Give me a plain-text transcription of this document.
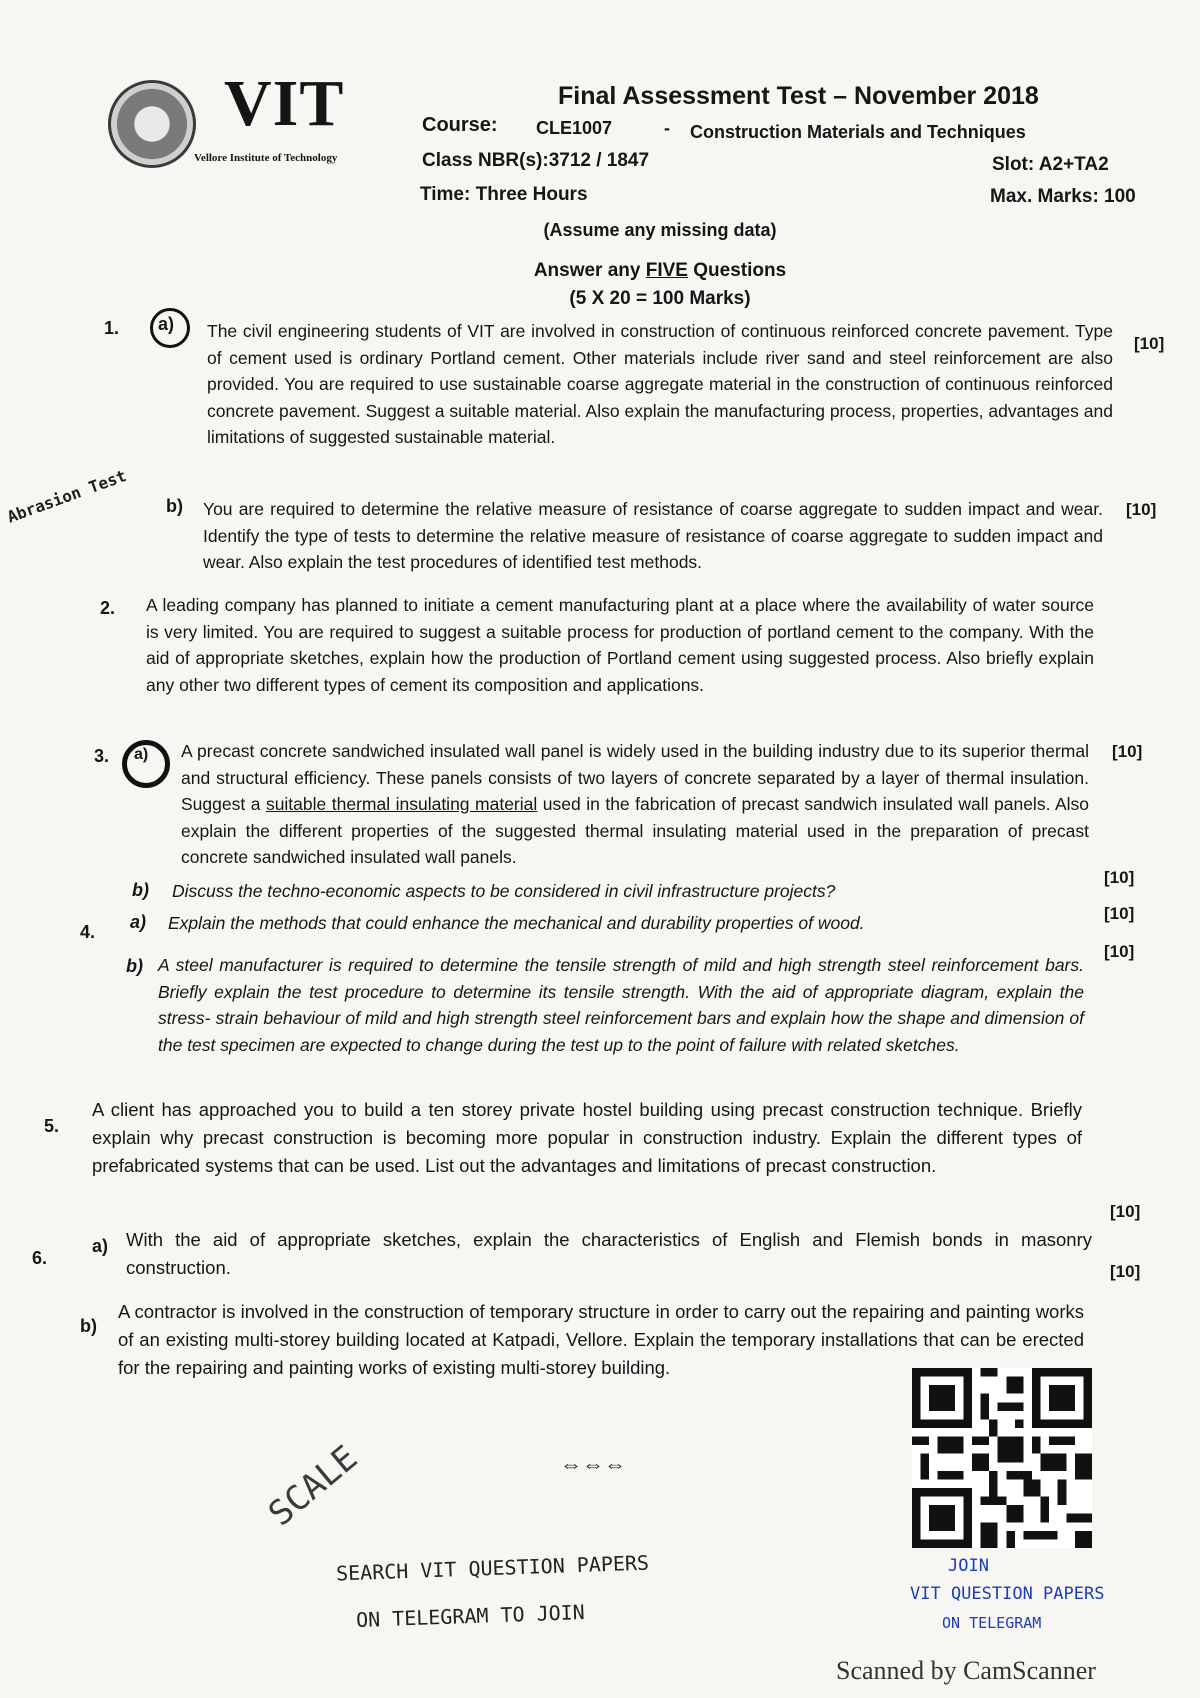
VIT
Vellore Institute of Technology
Final Assessment Test – November 2018
Course: CLE1007	- Construction Materials and Techniques
Class NBR(s):3712 / 1847	Slot: A2+TA2
Time: Three Hours	Max. Marks: 100
(Assume any missing data)
Answer any FIVE Questions
(5 X 20 = 100 Marks)
1. a) The civil engineering students of VIT are involved in construction of continuous reinforced concrete pavement. Type of cement used is ordinary Portland cement. Other materials include river sand and steel reinforcement are also provided. You are required to use sustainable coarse aggregate material in the construction of continuous reinforced concrete pavement. Suggest a suitable material. Also explain the manufacturing process, properties, advantages and limitations of suggested sustainable material.
[10]
b) You are required to determine the relative measure of resistance of coarse aggregate to sudden impact and wear. Identify the type of tests to determine the relative measure of resistance of coarse aggregate to sudden impact and wear. Also explain the test procedures of identified test methods.
[10]
2. A leading company has planned to initiate a cement manufacturing plant at a place where the availability of water source is very limited. You are required to suggest a suitable process for production of portland cement to the company. With the aid of appropriate sketches, explain how the production of Portland cement using suggested process. Also briefly explain any other two different types of cement its composition and applications.
3. a) A precast concrete sandwiched insulated wall panel is widely used in the building industry due to its superior thermal and structural efficiency. These panels consists of two layers of concrete separated by a layer of thermal insulation. Suggest a suitable thermal insulating material used in the fabrication of precast sandwich insulated wall panels. Also explain the different properties of the suggested thermal insulating material used in the preparation of precast concrete sandwiched insulated wall panels.
[10]
b) Discuss the techno-economic aspects to be considered in civil infrastructure projects?
[10]
4. a) Explain the methods that could enhance the mechanical and durability properties of wood.	[10]
b) A steel manufacturer is required to determine the tensile strength of mild and high strength steel reinforcement bars. Briefly explain the test procedure to determine its tensile strength. With the aid of appropriate diagram, explain the stress- strain behaviour of mild and high strength steel reinforcement bars and explain how the shape and dimension of the test specimen are expected to change during the test up to the point of failure with related sketches.
[10]
5.
A client has approached you to build a ten storey private hostel building using precast construction technique. Briefly explain why precast construction is becoming more popular in construction industry. Explain the different types of prefabricated systems that can be used. List out the advantages and limitations of precast construction.
6.
a) With the aid of appropriate sketches, explain the characteristics of English and Flemish bonds in masonry construction.
[10]
b)
A contractor is involved in the construction of temporary structure in order to carry out the repairing and painting works of an existing multi-storey building located at Katpadi, Vellore. Explain the temporary installations that can be erected for the repairing and painting works of existing multi-storey building.
[10]
⇔⇔⇔
Abrasion Test
SCALE
SEARCH VIT QUESTION PAPERS
ON TELEGRAM TO JOIN
JOIN
VIT QUESTION PAPERS
ON TELEGRAM
Scanned by CamScanner
